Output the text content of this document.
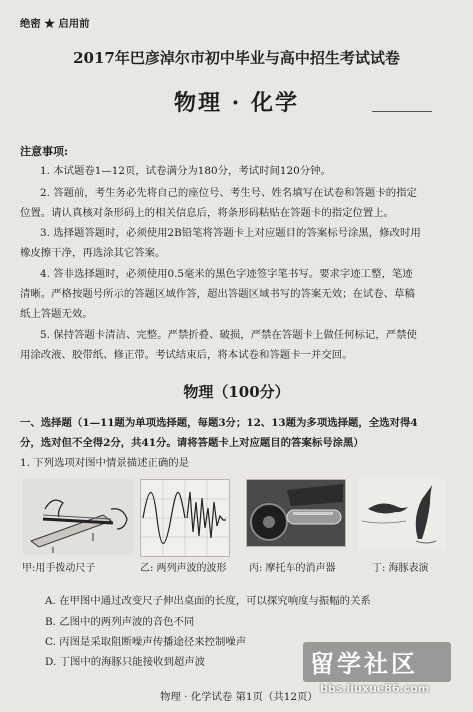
绝密 ★ 启用前
2017年巴彦淖尔市初中毕业与高中招生考试试卷
物理 · 化学
注意事项:
1. 本试题卷1—12页，试卷满分为180分，考试时间120分钟。
2. 答题前，考生务必先将自己的座位号、考生号、姓名填写在试卷和答题卡的指定
位置。请认真核对条形码上的相关信息后，将条形码粘贴在答题卡的指定位置上。
3. 选择题答题时，必须使用2B铅笔将答题卡上对应题目的答案标号涂黑，修改时用
橡皮擦干净，再选涂其它答案。
4. 答非选择题时，必须使用0.5毫米的黑色字迹签字笔书写。要求字迹工整，笔迹
清晰。严格按题号所示的答题区域作答，超出答题区域书写的答案无效；在试卷、草稿
纸上答题无效。
5. 保持答题卡清洁、完整。严禁折叠、破损，严禁在答题卡上做任何标记，严禁使
用涂改液、胶带纸、修正带。考试结束后，将本试卷和答题卡一并交回。
物理（100分）
一、选择题（1—11题为单项选择题，每题3分；12、13题为多项选择题，全选对得4
分，选对但不全得2分，共41分。请将答题卡上对应题目的答案标号涂黑）
1. 下列选项对图中情景描述正确的是
甲:用手拨动尺子	乙: 两列声波的波形 丙: 摩托车的消声器	丁: 海豚表演
A. 在甲图中通过改变尺子伸出桌面的长度，可以探究响度与振幅的关系
B. 乙图中的两列声波的音色不同
C. 丙图是采取阻断噪声传播途径来控制噪声
D. 丁图中的海豚只能接收到超声波
物理 · 化学试卷 第1页（共12页）
留学社区
bbs.liuxue86.com
